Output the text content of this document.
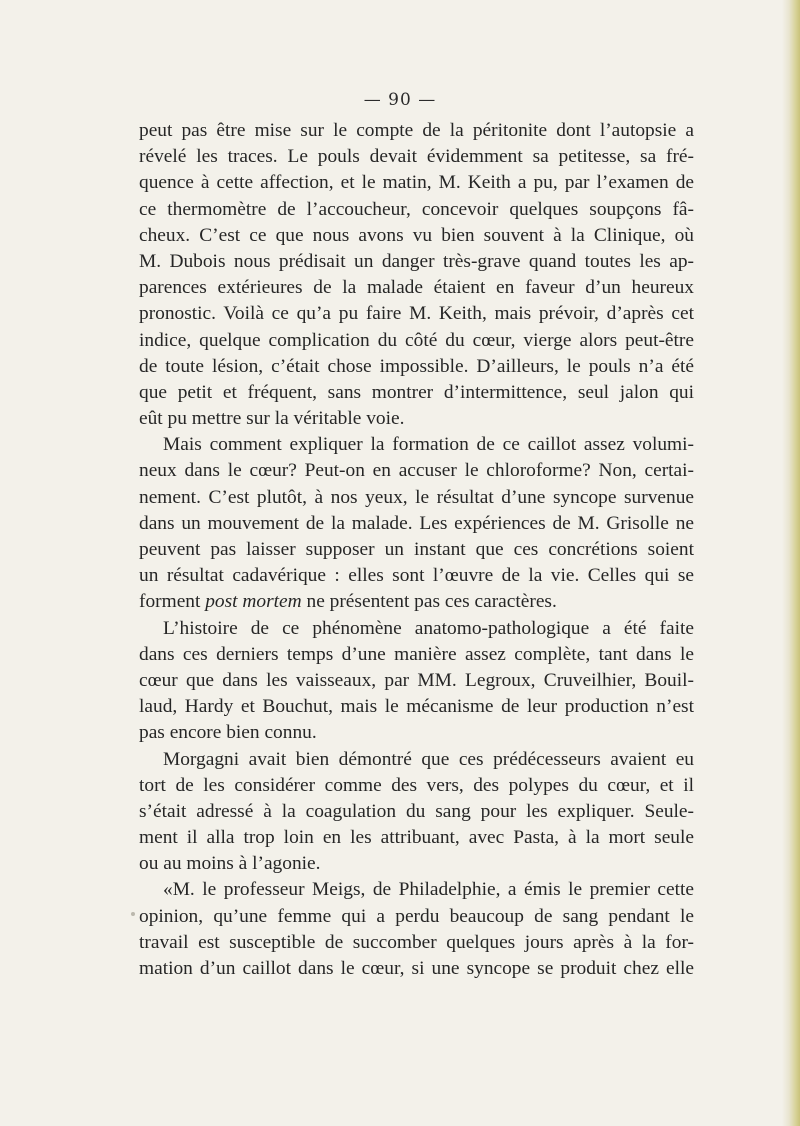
— 90 —
peut pas être mise sur le compte de la péritonite dont l’autopsie a
révelé les traces. Le pouls devait évidemment sa petitesse, sa fré-
quence à cette affection, et le matin, M. Keith a pu, par l’examen de
ce thermomètre de l’accoucheur, concevoir quelques soupçons fâ-
cheux. C’est ce que nous avons vu bien souvent à la Clinique, où
M. Dubois nous prédisait un danger très-grave quand toutes les ap-
parences extérieures de la malade étaient en faveur d’un heureux
pronostic. Voilà ce qu’a pu faire M. Keith, mais prévoir, d’après cet
indice, quelque complication du côté du cœur, vierge alors peut-être
de toute lésion, c’était chose impossible. D’ailleurs, le pouls n’a été
que petit et fréquent, sans montrer d’intermittence, seul jalon qui
eût pu mettre sur la véritable voie.
Mais comment expliquer la formation de ce caillot assez volumi-
neux dans le cœur? Peut-on en accuser le chloroforme? Non, certai-
nement. C’est plutôt, à nos yeux, le résultat d’une syncope survenue
dans un mouvement de la malade. Les expériences de M. Grisolle ne
peuvent pas laisser supposer un instant que ces concrétions soient
un résultat cadavérique : elles sont l’œuvre de la vie. Celles qui se
forment post mortem ne présentent pas ces caractères.
L’histoire de ce phénomène anatomo-pathologique a été faite
dans ces derniers temps d’une manière assez complète, tant dans le
cœur que dans les vaisseaux, par MM. Legroux, Cruveilhier, Bouil-
laud, Hardy et Bouchut, mais le mécanisme de leur production n’est
pas encore bien connu.
Morgagni avait bien démontré que ces prédécesseurs avaient eu
tort de les considérer comme des vers, des polypes du cœur, et il
s’était adressé à la coagulation du sang pour les expliquer. Seule-
ment il alla trop loin en les attribuant, avec Pasta, à la mort seule
ou au moins à l’agonie.
«M. le professeur Meigs, de Philadelphie, a émis le premier cette
opinion, qu’une femme qui a perdu beaucoup de sang pendant le
travail est susceptible de succomber quelques jours après à la for-
mation d’un caillot dans le cœur, si une syncope se produit chez elle
